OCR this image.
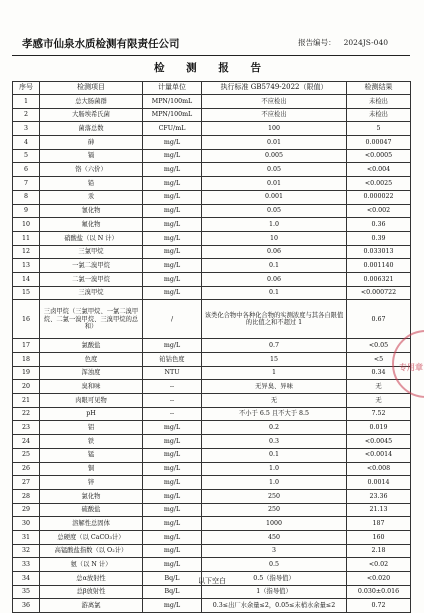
孝感市仙泉水质检测有限责任公司	报告编号： 2024JS-040
检 测 报 告
序号	检测项目	计量单位	执行标准 GB5749-2022（限值）	检测结果
1	总大肠菌群	MPN/100mL	不应检出	未检出
2	大肠埃希氏菌	MPN/100mL	不应检出	未检出
3	菌落总数	CFU/mL	100	5
4	砷	mg/L	0.01	0.00047
5	镉	mg/L	0.005	<0.0005
6	铬（六价）	mg/L	0.05	<0.004
7	铅	mg/L	0.01	<0.0025
8	汞	mg/L	0.001	0.000022
9	氰化物	mg/L	0.05	<0.002
10	氟化物	mg/L	1.0	0.36
11	硝酸盐（以 N 计）	mg/L	10	0.39
12	三氯甲烷	mg/L	0.06	0.033013
13	一氯二溴甲烷	mg/L	0.1	0.001140
14	二氯一溴甲烷	mg/L	0.06	0.006321
15	三溴甲烷	mg/L	0.1	<0.000722
16	三卤甲烷（三氯甲烷、一氯二溴甲烷、二氯一溴甲烷、三溴甲烷的总和）	/	该类化合物中各种化合物的实测浓度与其各自限值的比值之和不超过 1	0.67
17	氯酸盐	mg/L	0.7	<0.05
18	色度	铂钴色度	15	<5
19	浑浊度	NTU	1	0.34
20	臭和味	--	无异臭、异味	无
21	肉眼可见物	--	无	无
22	pH	--	不小于 6.5 且不大于 8.5	7.52
23	铝	mg/L	0.2	0.019
24	铁	mg/L	0.3	<0.0045
25	锰	mg/L	0.1	<0.0014
26	铜	mg/L	1.0	<0.008
27	锌	mg/L	1.0	0.0014
28	氯化物	mg/L	250	23.36
29	硫酸盐	mg/L	250	21.13
30	溶解性总固体	mg/L	1000	187
31	总硬度（以 CaCO₃计）	mg/L	450	160
32	高锰酸盐指数（以 O₂计）	mg/L	3	2.18
33	氨（以 N 计）	mg/L	0.5	<0.02
34	总α放射性	Bq/L	0.5（指导值）	<0.020
35	总β放射性	Bq/L	1（指导值）	0.030±0.016
36	游离氯	mg/L	0.3≤出厂水余量≤2，0.05≤末梢水余量≤2	0.72
以下空白
专用章
